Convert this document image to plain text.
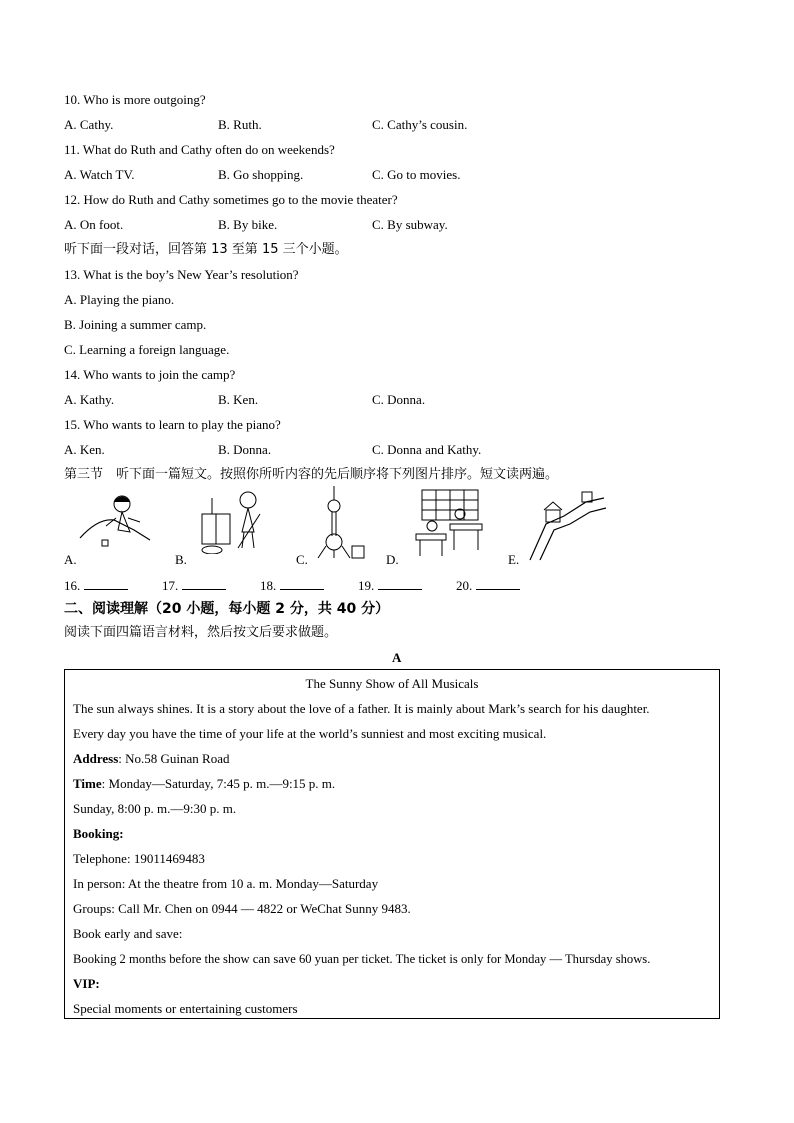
10. Who is more outgoing?
A. Cathy.	B. Ruth.	C. Cathy’s cousin.
11. What do Ruth and Cathy often do on weekends?
A. Watch TV.	B. Go shopping.	C. Go to movies.
12. How do Ruth and Cathy sometimes go to the movie theater?
A. On foot.	B. By bike.	C. By subway.
听下面一段对话，回答第 13 至第 15 三个小题。
13. What is the boy’s New Year’s resolution?
A. Playing the piano.
B. Joining a summer camp.
C. Learning a foreign language.
14. Who wants to join the camp?
A. Kathy.	B. Ken.	C. Donna.
15. Who wants to learn to play the piano?
A. Ken.	B. Donna.	C. Donna and Kathy.
第三节　听下面一篇短文。按照你所听内容的先后顺序将下列图片排序。短文读两遍。
A.	B.	C.	D.	E.
16.	17.	18.	19.	20.
二、阅读理解（20 小题，每小题 2 分，共 40 分）
阅读下面四篇语言材料，然后按文后要求做题。
A
The Sunny Show of All Musicals
The sun always shines. It is a story about the love of a father. It is mainly about Mark’s search for his daughter.
Every day you have the time of your life at the world’s sunniest and most exciting musical.
Address: No.58 Guinan Road
Time: Monday—Saturday, 7:45 p. m.—9:15 p. m.
Sunday, 8:00 p. m.—9:30 p. m.
Booking:
Telephone: 19011469483
In person: At the theatre from 10 a. m. Monday—Saturday
Groups: Call Mr. Chen on 0944 — 4822 or WeChat Sunny 9483.
Book early and save:
Booking 2 months before the show can save 60 yuan per ticket. The ticket is only for Monday — Thursday shows.
VIP:
Special moments or entertaining customers
